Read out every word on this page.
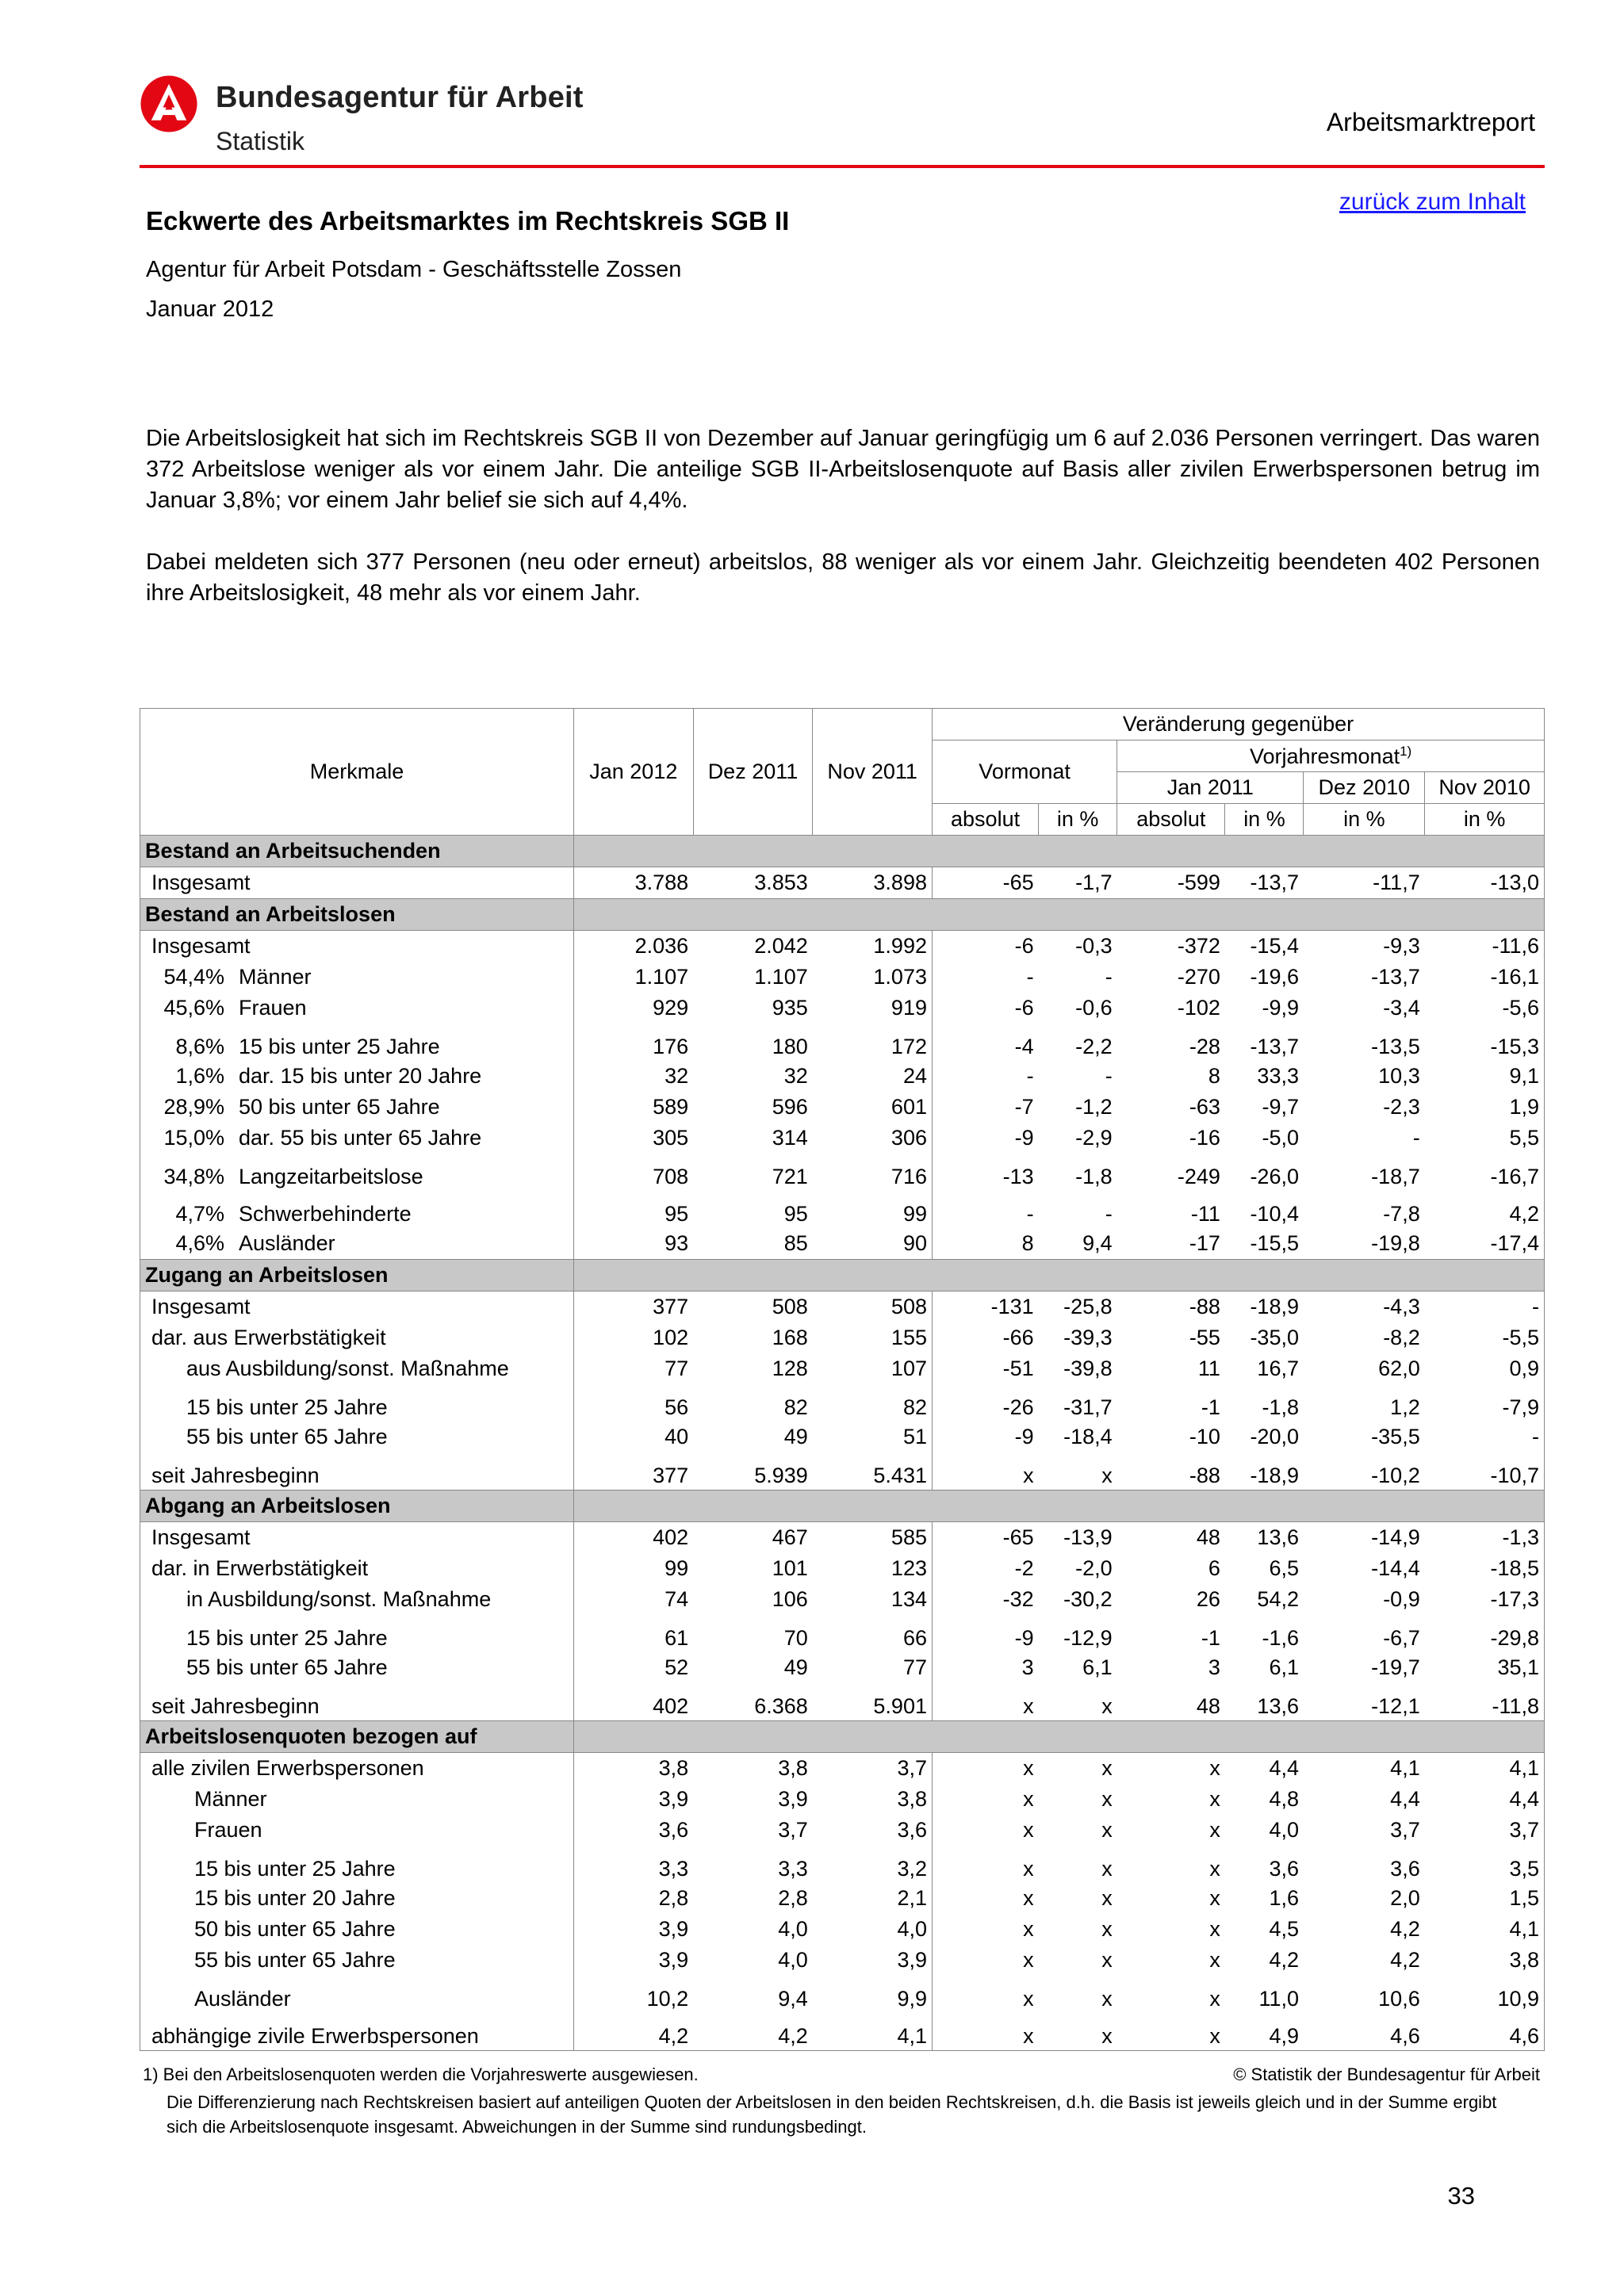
Bundesagentur für Arbeit
Statistik
Arbeitsmarktreport
zurück zum Inhalt
Eckwerte des Arbeitsmarktes im Rechtskreis SGB II
Agentur für Arbeit Potsdam - Geschäftsstelle Zossen
Januar 2012
Die Arbeitslosigkeit hat sich im Rechtskreis SGB II von Dezember auf Januar geringfügig um 6 auf 2.036 Personen verringert. Das waren 372 Arbeitslose weniger als vor einem Jahr. Die anteilige SGB II-Arbeitslosenquote auf Basis aller zivilen Erwerbspersonen betrug im Januar 3,8%; vor einem Jahr belief sie sich auf 4,4%.
Dabei meldeten sich 377 Personen (neu oder erneut) arbeitslos, 88 weniger als vor einem Jahr. Gleichzeitig beendeten 402 Personen ihre Arbeitslosigkeit, 48 mehr als vor einem Jahr.
Merkmale	Jan 2012	Dez 2011	Nov 2011	Veränderung gegenüber					
				Vormonat		Vorjahresmonat$^{1)}$
						Jan 2011		Dez 2010	Nov 2010
				absolut	in %	absolut	in %	in %	in %
Bestand an Arbeitsuchenden									
Insgesamt	3.788	3.853	3.898	-65	-1,7	-599	-13,7	-11,7	-13,0
Bestand an Arbeitslosen									
Insgesamt	2.036	2.042	1.992	-6	-0,3	-372	-15,4	-9,3	-11,6
54,4% Männer	1.107	1.107	1.073	-	-	-270	-19,6	-13,7	-16,1
45,6% Frauen	929	935	919	-6	-0,6	-102	-9,9	-3,4	-5,6
8,6% 15 bis unter 25 Jahre	176	180	172	-4	-2,2	-28	-13,7	-13,5	-15,3
1,6% dar. 15 bis unter 20 Jahre	32	32	24	-	-	8	33,3	10,3	9,1
28,9% 50 bis unter 65 Jahre	589	596	601	-7	-1,2	-63	-9,7	-2,3	1,9
15,0% dar. 55 bis unter 65 Jahre	305	314	306	-9	-2,9	-16	-5,0	-	5,5
34,8% Langzeitarbeitslose	708	721	716	-13	-1,8	-249	-26,0	-18,7	-16,7
4,7% Schwerbehinderte	95	95	99	-	-	-11	-10,4	-7,8	4,2
4,6% Ausländer	93	85	90	8	9,4	-17	-15,5	-19,8	-17,4
Zugang an Arbeitslosen									
Insgesamt	377	508	508	-131	-25,8	-88	-18,9	-4,3	-
dar. aus Erwerbstätigkeit	102	168	155	-66	-39,3	-55	-35,0	-8,2	-5,5
aus Ausbildung/sonst. Maßnahme	77	128	107	-51	-39,8	11	16,7	62,0	0,9
15 bis unter 25 Jahre	56	82	82	-26	-31,7	-1	-1,8	1,2	-7,9
55 bis unter 65 Jahre	40	49	51	-9	-18,4	-10	-20,0	-35,5	-
seit Jahresbeginn	377	5.939	5.431	x	x	-88	-18,9	-10,2	-10,7
Abgang an Arbeitslosen									
Insgesamt	402	467	585	-65	-13,9	48	13,6	-14,9	-1,3
dar. in Erwerbstätigkeit	99	101	123	-2	-2,0	6	6,5	-14,4	-18,5
in Ausbildung/sonst. Maßnahme	74	106	134	-32	-30,2	26	54,2	-0,9	-17,3
15 bis unter 25 Jahre	61	70	66	-9	-12,9	-1	-1,6	-6,7	-29,8
55 bis unter 65 Jahre	52	49	77	3	6,1	3	6,1	-19,7	35,1
seit Jahresbeginn	402	6.368	5.901	x	x	48	13,6	-12,1	-11,8
Arbeitslosenquoten bezogen auf									
alle zivilen Erwerbspersonen	3,8	3,8	3,7	x	x	x	4,4	4,1	4,1
Männer	3,9	3,9	3,8	x	x	x	4,8	4,4	4,4
Frauen	3,6	3,7	3,6	x	x	x	4,0	3,7	3,7
15 bis unter 25 Jahre	3,3	3,3	3,2	x	x	x	3,6	3,6	3,5
15 bis unter 20 Jahre	2,8	2,8	2,1	x	x	x	1,6	2,0	1,5
50 bis unter 65 Jahre	3,9	4,0	4,0	x	x	x	4,5	4,2	4,1
55 bis unter 65 Jahre	3,9	4,0	3,9	x	x	x	4,2	4,2	3,8
Ausländer	10,2	9,4	9,9	x	x	x	11,0	10,6	10,9
abhängige zivile Erwerbspersonen	4,2	4,2	4,1	x	x	x	4,9	4,6	4,6
1) Bei den Arbeitslosenquoten werden die Vorjahreswerte ausgewiesen.	© Statistik der Bundesagentur für Arbeit
Die Differenzierung nach Rechtskreisen basiert auf anteiligen Quoten der Arbeitslosen in den beiden Rechtskreisen, d.h. die Basis ist jeweils gleich und in der Summe ergibt sich die Arbeitslosenquote insgesamt. Abweichungen in der Summe sind rundungsbedingt.
33
